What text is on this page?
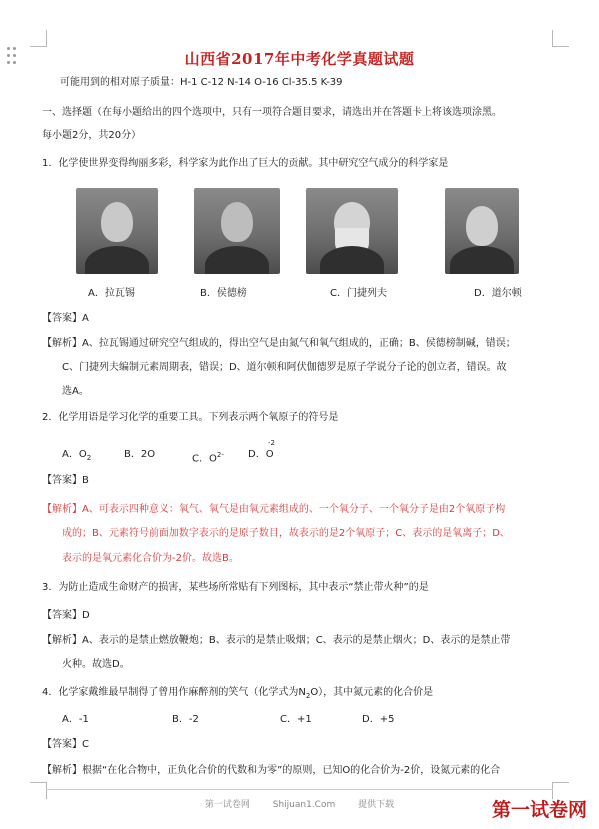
山西省2017年中考化学真题试题
可能用到的相对原子质量：H-1 C-12 N-14 O-16 Cl-35.5 K-39
一、选择题（在每小题给出的四个选项中，只有一项符合题目要求，请选出并在答题卡上将该选项涂黑。
每小题2分，共20分）
1．化学使世界变得绚丽多彩，科学家为此作出了巨大的贡献。其中研究空气成分的科学家是
A．拉瓦锡	B．侯德榜	C．门捷列夫	D．道尔顿
【答案】A
【解析】A、拉瓦锡通过研究空气组成的，得出空气是由氮气和氧气组成的，正确；B、侯德榜制碱，错误；
C、门捷列夫编制元素周期表，错误；D、道尔顿和阿伏伽德罗是原子学说分子论的创立者，错误。故
选A。
2．化学用语是学习化学的重要工具。下列表示两个氧原子的符号是
A．$O_2$	B．2O	C．$O^{2-}$
-2
D．O
【答案】B
【解析】A、可表示四种意义：氧气、氧气是由氧元素组成的、一个氧分子、一个氧分子是由2个氧原子构
成的；B、元素符号前面加数字表示的是原子数目，故表示的是2个氧原子；C、表示的是氧离子；D、
表示的是氧元素化合价为-2价。故选B。
3．为防止造成生命财产的损害，某些场所常贴有下列图标，其中表示“禁止带火种”的是
【答案】D
【解析】A、表示的是禁止燃放鞭炮；B、表示的是禁止吸烟；C、表示的是禁止烟火；D、表示的是禁止带
火种。故选D。
4．化学家戴维最早制得了曾用作麻醉剂的笑气（化学式为$N_2O$），其中氮元素的化合价是
A．-1	B．-2	C．+1	D．+5
【答案】C
【解析】根据“在化合物中，正负化合价的代数和为零”的原则，已知O的化合价为-2价，设氮元素的化合
第一试卷网	Shijuan1.Com	提供下载	第一试卷网
